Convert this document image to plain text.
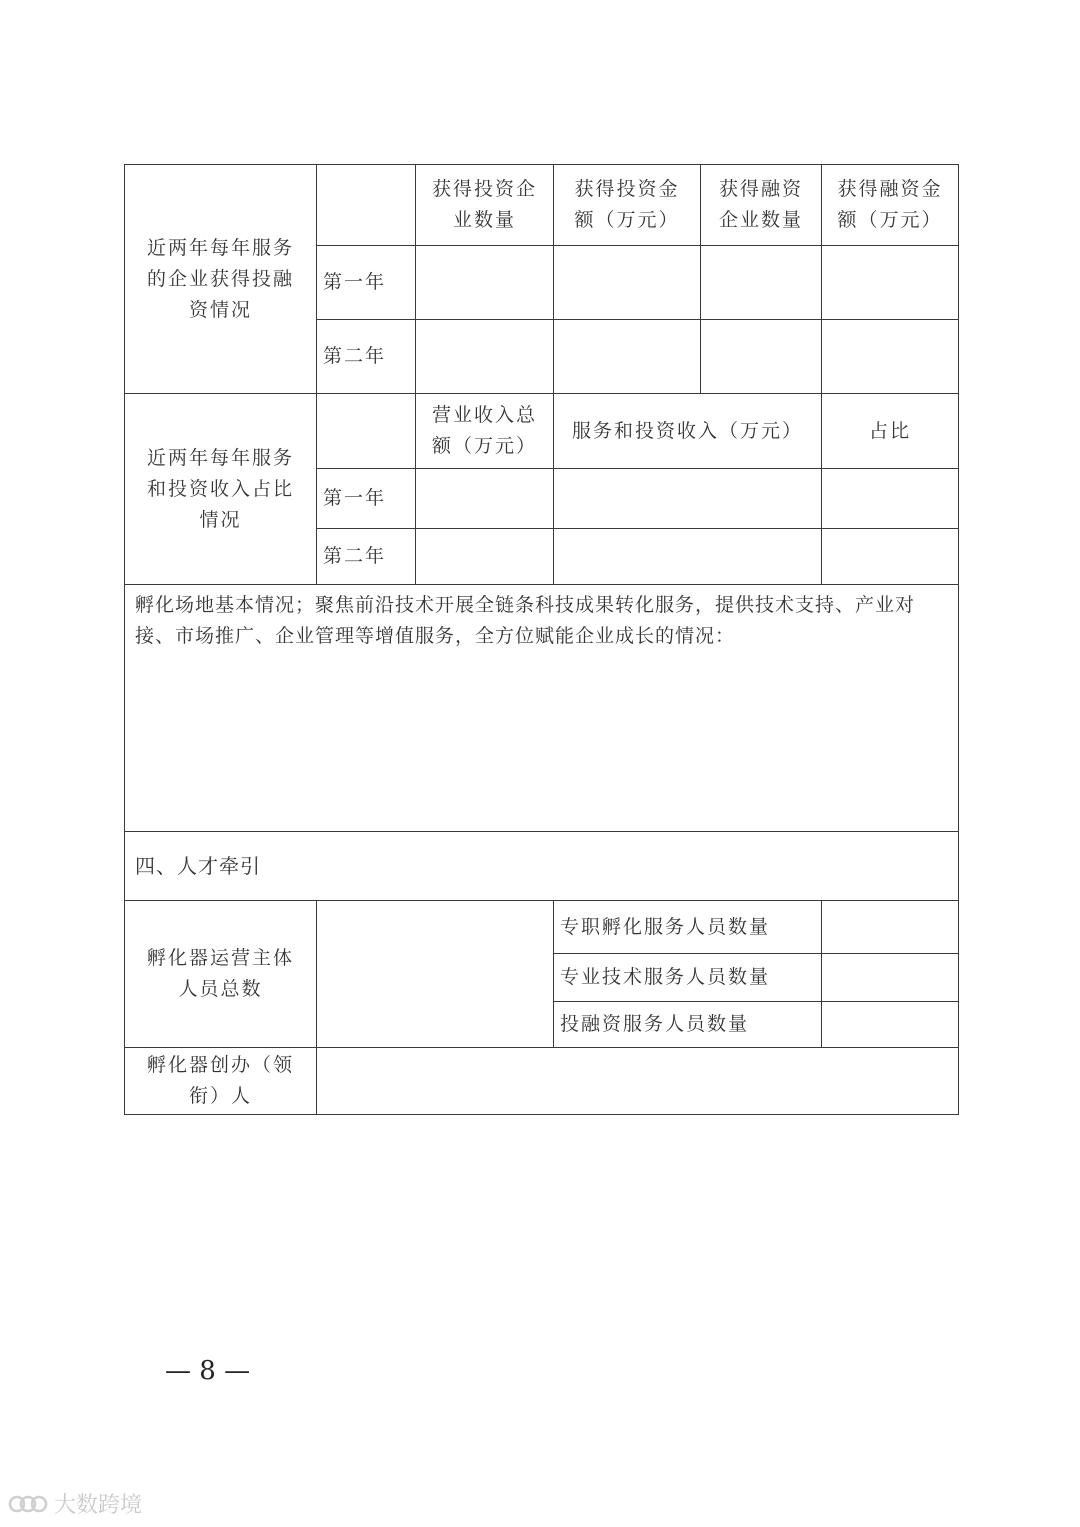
近两年每年服务
的企业获得投融
资情况		获得投资企
业数量	获得投资金
额（万元）	获得融资
企业数量	获得融资金
额（万元）

	第一年				
	第二年				

近两年每年服务
和投资收入占比
情况		营业收入总
额（万元）	服务和投资收入（万元）		占比

	第一年				
	第二年				
孵化场地基本情况；聚焦前沿技术开展全链条科技成果转化服务，提供技术支持、产业对接、市场推广、企业管理等增值服务，全方位赋能企业成长的情况：					
四、人才牵引					

孵化器运营主体
人员总数			专职孵化服务人员数量		
			专业技术服务人员数量		
			投融资服务人员数量		

孵化器创办（领
衔）人					

— 8 —
大数跨境
